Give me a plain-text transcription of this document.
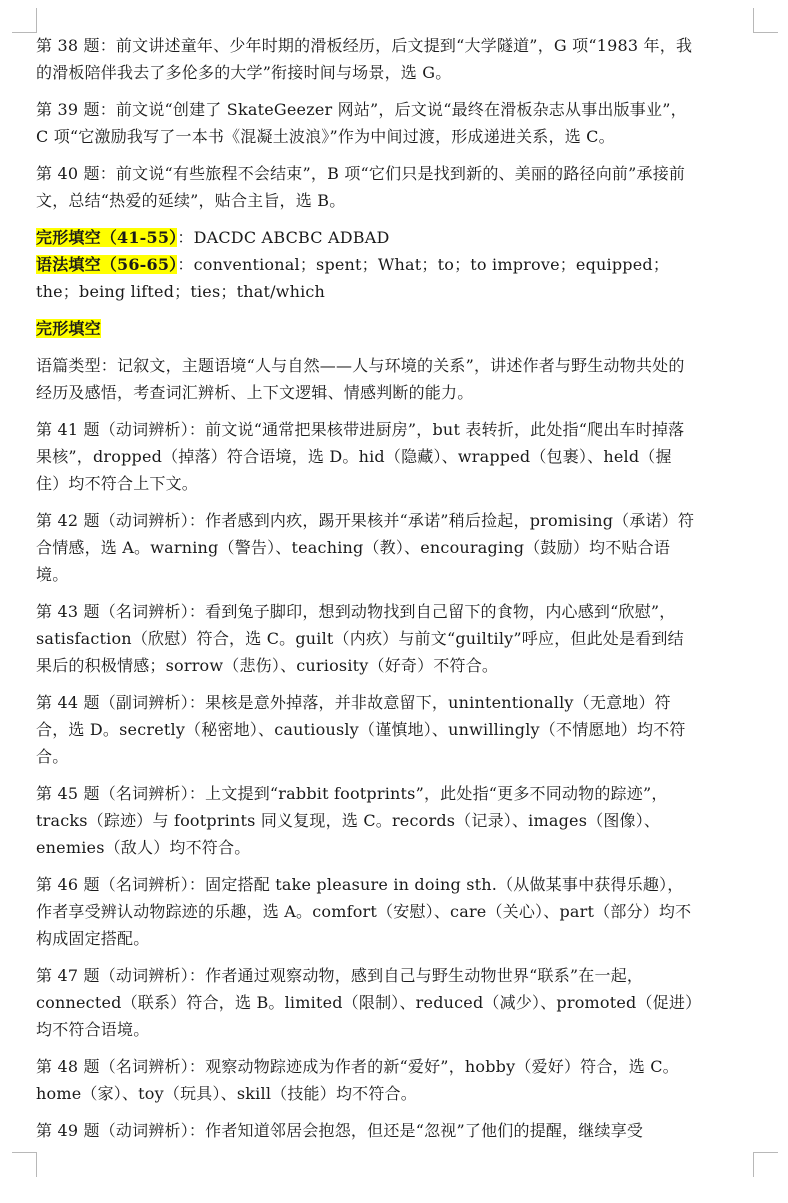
第 38 题：前文讲述童年、少年时期的滑板经历，后文提到“大学隧道”，G 项“1983 年，我的滑板陪伴我去了多伦多的大学”衔接时间与场景，选 G。

第 39 题：前文说“创建了 SkateGeezer 网站”，后文说“最终在滑板杂志从事出版事业”，C 项“它激励我写了一本书《混凝土波浪》”作为中间过渡，形成递进关系，选 C。

第 40 题：前文说“有些旅程不会结束”，B 项“它们只是找到新的、美丽的路径向前”承接前文，总结“热爱的延续”，贴合主旨，选 B。

完形填空（41-55）：DACDC ABCBC ADBAD

语法填空（56-65）：conventional；spent；What；to；to improve；equipped；the；being lifted；ties；that/which

完形填空

语篇类型：记叙文，主题语境“人与自然——人与环境的关系”，讲述作者与野生动物共处的经历及感悟，考查词汇辨析、上下文逻辑、情感判断的能力。

第 41 题（动词辨析）：前文说“通常把果核带进厨房”，but 表转折，此处指“爬出车时掉落果核”，dropped（掉落）符合语境，选 D。hid（隐藏）、wrapped（包裹）、held（握住）均不符合上下文。

第 42 题（动词辨析）：作者感到内疚，踢开果核并“承诺”稍后捡起，promising（承诺）符合情感，选 A。warning（警告）、teaching（教）、encouraging（鼓励）均不贴合语境。

第 43 题（名词辨析）：看到兔子脚印，想到动物找到自己留下的食物，内心感到“欣慰”，satisfaction（欣慰）符合，选 C。guilt（内疚）与前文“guiltily”呼应，但此处是看到结果后的积极情感；sorrow（悲伤）、curiosity（好奇）不符合。

第 44 题（副词辨析）：果核是意外掉落，并非故意留下，unintentionally（无意地）符合，选 D。secretly（秘密地）、cautiously（谨慎地）、unwillingly（不情愿地）均不符合。

第 45 题（名词辨析）：上文提到“rabbit footprints”，此处指“更多不同动物的踪迹”，tracks（踪迹）与 footprints 同义复现，选 C。records（记录）、images（图像）、enemies（敌人）均不符合。

第 46 题（名词辨析）：固定搭配 take pleasure in doing sth.（从做某事中获得乐趣），作者享受辨认动物踪迹的乐趣，选 A。comfort（安慰）、care（关心）、part（部分）均不构成固定搭配。

第 47 题（动词辨析）：作者通过观察动物，感到自己与野生动物世界“联系”在一起，connected（联系）符合，选 B。limited（限制）、reduced（减少）、promoted（促进）均不符合语境。

第 48 题（名词辨析）：观察动物踪迹成为作者的新“爱好”，hobby（爱好）符合，选 C。home（家）、toy（玩具）、skill（技能）均不符合。

第 49 题（动词辨析）：作者知道邻居会抱怨，但还是“忽视”了他们的提醒，继续享受
